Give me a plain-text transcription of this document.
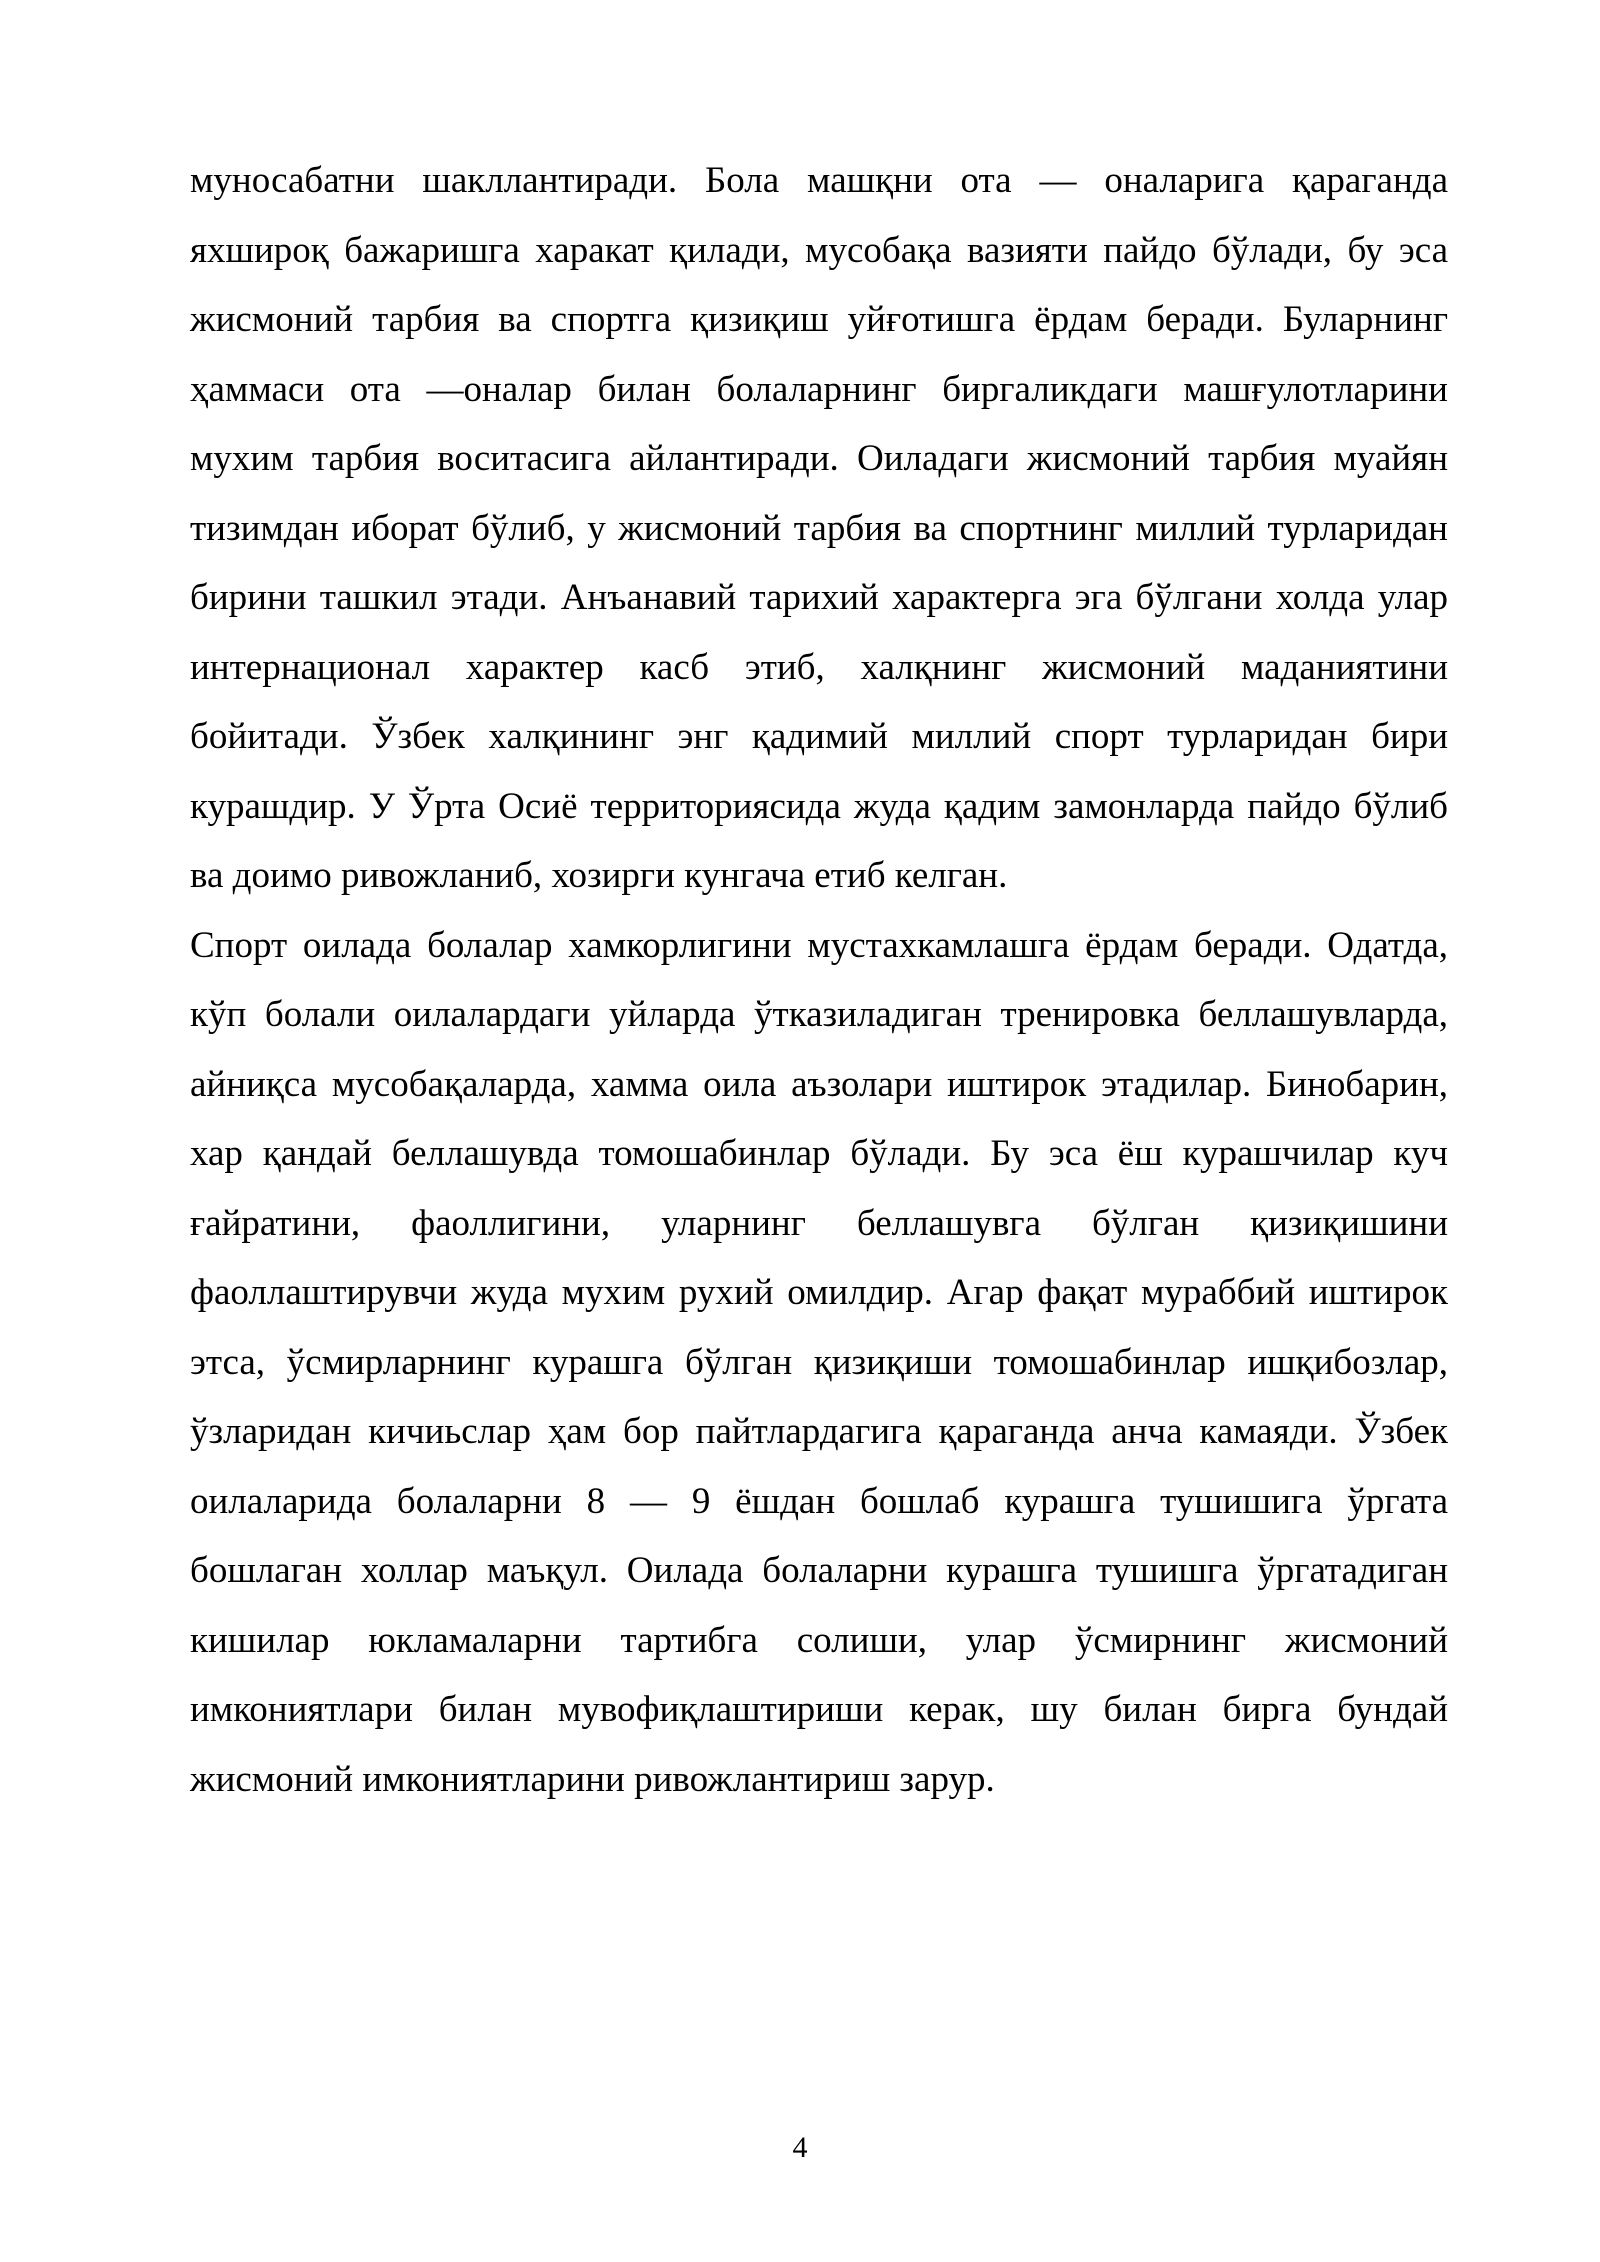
муносабатни шакллантиради. Бола машқни ота — оналарига қараганда яхшироқ бажаришга харакат қилади, мусобақа вазияти пайдо бўлади, бу эса жисмоний тарбия ва спортга қизиқиш уйғотишга ёрдам беради. Буларнинг ҳаммаси ота —оналар билан болаларнинг биргаликдаги машғулотларини мухим тарбия воситасига айлантиради. Оиладаги жисмоний тарбия муайян тизимдан иборат бўлиб, у жисмоний тарбия ва спортнинг миллий турларидан бирини ташкил этади. Анъанавий тарихий характерга эга бўлгани холда улар интернационал характер касб этиб, халқнинг жисмоний маданиятини бойитади. Ўзбек халқининг энг қадимий миллий спорт турларидан бири курашдир. У Ўрта Осиё территориясида жуда қадим замонларда пайдо бўлиб ва доимо ривожланиб, хозирги кунгача етиб келган.

Спорт оилада болалар хамкорлигини мустахкамлашга ёрдам беради. Одатда, кўп болали оилалардаги уйларда ўтказиладиган тренировка беллашувларда, айниқса мусобақаларда, хамма оила аъзолари иштирок этадилар. Бинобарин, хар қандай беллашувда томошабинлар бўлади. Бу эса ёш курашчилар куч ғайратини, фаоллигини, уларнинг беллашувга бўлган қизиқишини фаоллаштирувчи жуда мухим рухий омилдир. Агар фақат мураббий иштирок этса, ўсмирларнинг курашга бўлган қизиқиши томошабинлар ишқибозлар, ўзларидан кичиьслар ҳам бор пайтлардагига қараганда анча камаяди. Ўзбек оилаларида болаларни 8 — 9 ёшдан бошлаб курашга тушишига ўргата бошлаган холлар маъқул. Оилада болаларни курашга тушишга ўргатадиган кишилар юкламаларни тартибга солиши, улар ўсмирнинг жисмоний имкониятлари билан мувофиқлаштириши керак, шу билан бирга бундай жисмоний имкониятларини ривожлантириш зарур.

4
